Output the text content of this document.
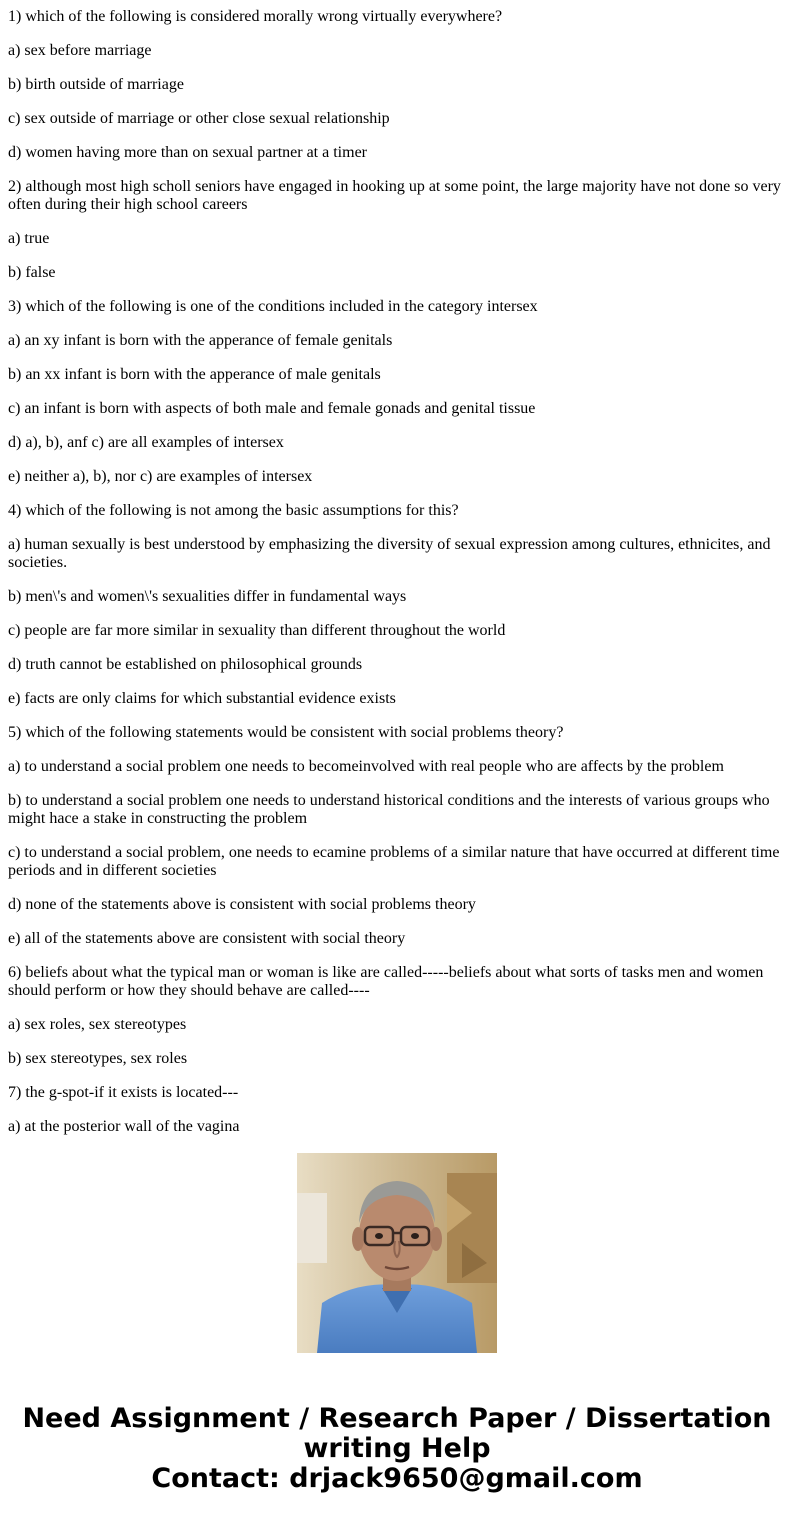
1) which of the following is considered morally wrong virtually everywhere?

a) sex before marriage

b) birth outside of marriage

c) sex outside of marriage or other close sexual relationship

d) women having more than on sexual partner at a timer

2) although most high scholl seniors have engaged in hooking up at some point, the large majority have not done so very often during their high school careers

a) true

b) false

3) which of the following is one of the conditions included in the category intersex

a) an xy infant is born with the apperance of female genitals

b) an xx infant is born with the apperance of male genitals

c) an infant is born with aspects of both male and female gonads and genital tissue

d) a), b), anf c) are all examples of intersex

e) neither a), b), nor c) are examples of intersex

4) which of the following is not among the basic assumptions for this?

a) human sexually is best understood by emphasizing the diversity of sexual expression among cultures, ethnicites, and societies.

b) men\'s and women\'s sexualities differ in fundamental ways

c) people are far more similar in sexuality than different throughout the world

d) truth cannot be established on philosophical grounds

e) facts are only claims for which substantial evidence exists

5) which of the following statements would be consistent with social problems theory?

a) to understand a social problem one needs to becomeinvolved with real people who are affects by the problem

b) to understand a social problem one needs to understand historical conditions and the interests of various groups who might hace a stake in constructing the problem

c) to understand a social problem, one needs to ecamine problems of a similar nature that have occurred at different time periods and in different societies

d) none of the statements above is consistent with social problems theory

e) all of the statements above are consistent with social theory

6) beliefs about what the typical man or woman is like are called-----beliefs about what sorts of tasks men and women should perform or how they should behave are called----

a) sex roles, sex stereotypes

b) sex stereotypes, sex roles

7) the g-spot-if it exists is located---

a) at the posterior wall of the vagina

Need Assignment / Research Paper / Dissertation
writing Help
Contact: drjack9650@gmail.com
